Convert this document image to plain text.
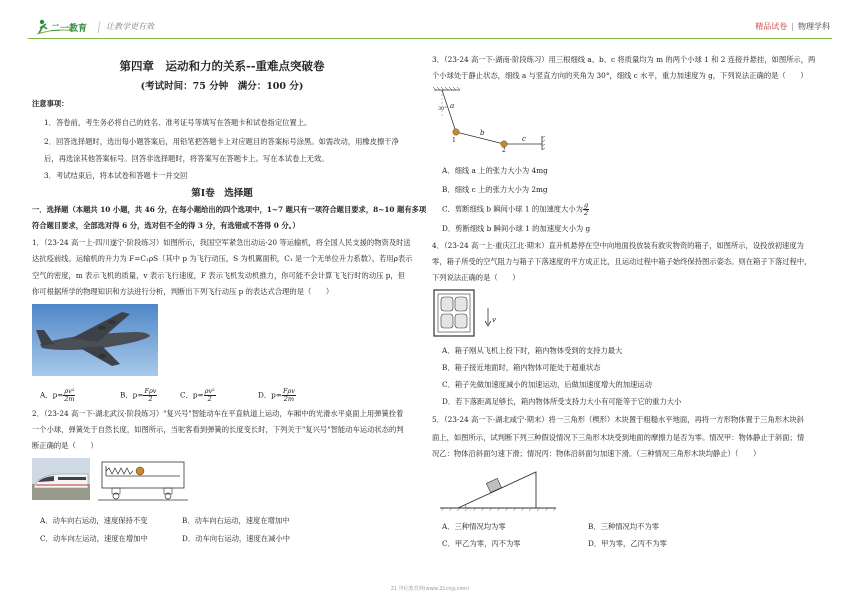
二一教育 让教学更有效	精品试卷 | 物理学科
第四章　运动和力的关系--重难点突破卷
(考试时间：75 分钟　满分：100 分)
注意事项：
1．答卷前，考生务必将自己的姓名、准考证号等填写在答题卡和试卷指定位置上。
2．回答选择题时，选出每小题答案后，用铅笔把答题卡上对应题目的答案标号涂黑。如需改动，用橡皮擦干净
后，再选涂其他答案标号。回答非选择题时，将答案写在答题卡上。写在本试卷上无效。
3．考试结束后，将本试卷和答题卡一并交回
第Ⅰ卷　选择题
一．选择题（本题共 10 小题，共 46 分，在每小题给出的四个选项中，1~7 题只有一项符合题目要求，8~10 题有多项
符合题目要求，全部选对得 6 分，选对但不全的得 3 分，有选错或不答得 0 分。）
1．（23-24 高一上·四川遂宁·阶段练习）如图所示，我国空军紧急出动运-20 等运输机，将全国人民支援的物资及时送
达抗疫前线。运输机的升力为 F=C₁ρS（其中 p 为飞行动压，S 为机翼面积，C₁ 是一个无单位升力系数）。若用ρ表示
空气的密度，m 表示飞机的质量，v 表示飞行速度，F 表示飞机发动机推力，你可能不会计算飞飞行时的动压 p，但
你可根据所学的物理知识和方法进行分析，判断出下列飞行动压 p 的表达式合理的是（　　）
A．$p= \frac{\text{ρv²}}{2m}$	B．$p= \frac{\text{Fρv}}{2}$	C．$p= \frac{\text{ρv²}}{2}$	D．$p= \frac{\text{Fρv}}{2m}$
2．（23-24 高一下·湖北武汉·阶段练习）"复兴号"智能动车在平直轨道上运动，车厢中的光滑水平桌面上用弹簧拴着
一个小球，弹簧处于自然长度，如图所示，当驼客看到弹簧的长度变长时，下列关于"复兴号"智能动车运动状态的判
断正确的是（　　）
A．动车向右运动，速度保持不变	B．动车向右运动，速度在增加中
C．动车向左运动，速度在增加中	D．动车向右运动，速度在减小中
3．（23-24 高一下·湖南·阶段练习）用三根细线 a、b、c 将质量均为 m 的两个小球 1 和 2 连接并悬挂，如图所示，两
个小球处于静止状态，细线 a 与竖直方向的夹角为 30°，细线 c 水平，重力加速度为 g，下列说法正确的是（　　）
a
30°
b
c
1
2
A．细线 a 上的张力大小为 4mg
B．细线 c 上的张力大小为 2mg
C．剪断细线 b 瞬间小球 1 的加速度大小为 $\frac{g}{2}$
D．剪断细线 b 瞬间小球 1 的加速度大小为 g
4．（23-24 高一上·重庆江北·期末）直升机悬停在空中向地面投放装有救灾物资的箱子，如图所示，设投放初速度为
零，箱子所受的空气阻力与箱子下落速度的平方成正比，且运动过程中箱子始终保持图示姿态。则在箱子下落过程中，
下列说法正确的是（　　）
v
A．箱子刚从飞机上投下时，箱内物体受到的支持力最大
B．箱子接近地面时，箱内物体可能处于超重状态
C．箱子先做加速度减小的加速运动，后做加速度增大的加速运动
D．若下落距离足够长，箱内物体所受支持力大小有可能等于它的重力大小
5．（23-24 高一下·湖北咸宁·期末）将一三角形（楔形）木块置于粗糙水平地面，再将一方形物体置于三角形木块斜
面上，如图所示，试判断下列三种假设情况下三角形木块受到地面的摩擦力是否为零。情况甲：物体静止于斜面；情
况乙：物体沿斜面匀速下滑；情况丙：物体沿斜面匀加速下滑。（三种情况三角形木块均静止）（　　）
A．三种情况均为零	B．三种情况均不为零
C．甲乙为零，丙不为零	D．甲为零，乙丙不为零
21 世纪教育网(www.21cnjy.com)
